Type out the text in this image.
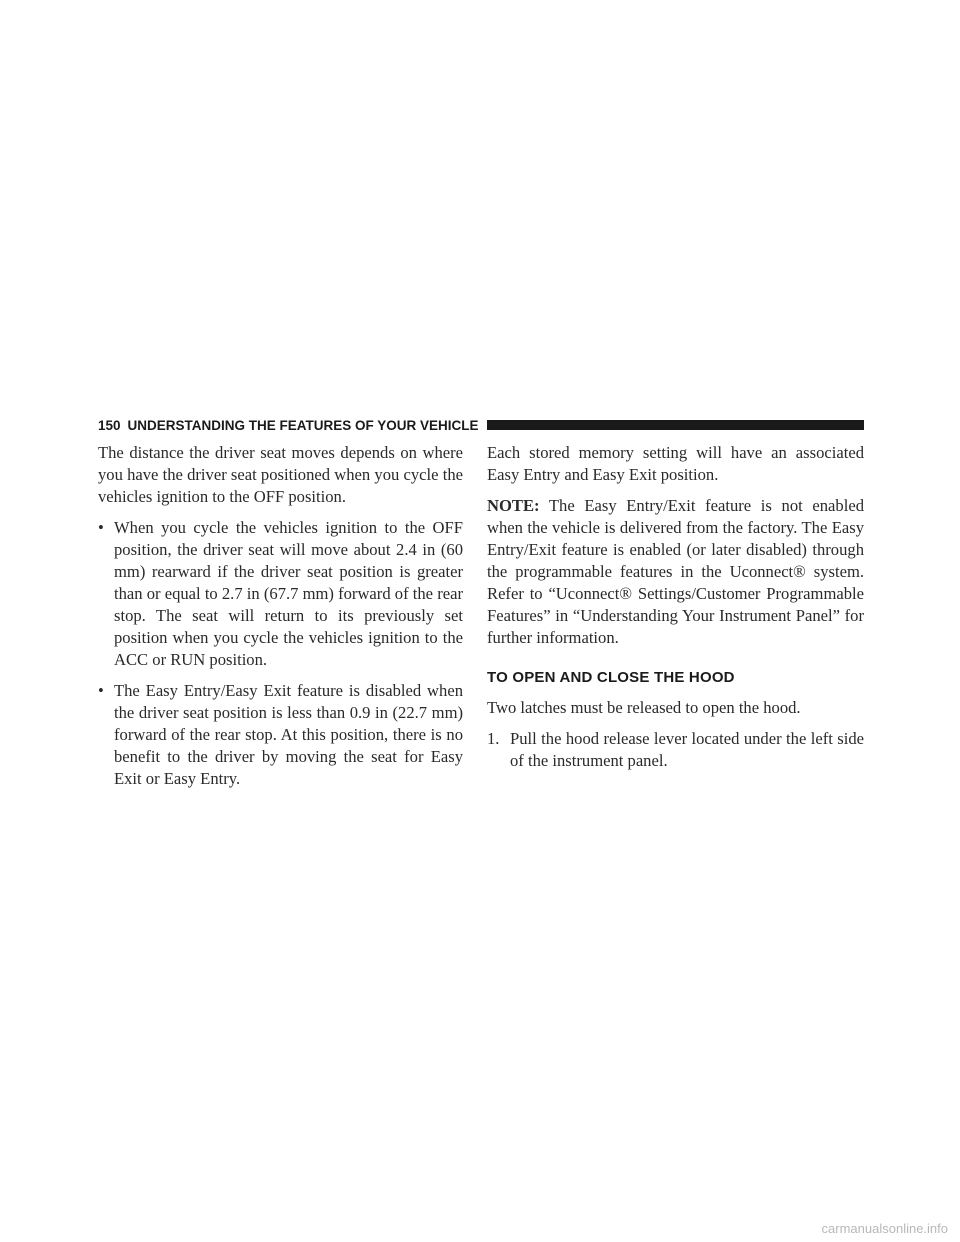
150 UNDERSTANDING THE FEATURES OF YOUR VEHICLE

The distance the driver seat moves depends on where you have the driver seat positioned when you cycle the vehicles ignition to the OFF position.

• When you cycle the vehicles ignition to the OFF position, the driver seat will move about 2.4 in (60 mm) rearward if the driver seat position is greater than or equal to 2.7 in (67.7 mm) forward of the rear stop. The seat will return to its previously set position when you cycle the vehicles ignition to the ACC or RUN position.
• The Easy Entry/Easy Exit feature is disabled when the driver seat position is less than 0.9 in (22.7 mm) forward of the rear stop. At this position, there is no benefit to the driver by moving the seat for Easy Exit or Easy Entry.

Each stored memory setting will have an associated Easy Entry and Easy Exit position.

NOTE: The Easy Entry/Exit feature is not enabled when the vehicle is delivered from the factory. The Easy Entry/Exit feature is enabled (or later disabled) through the programmable features in the Uconnect® system. Refer to “Uconnect® Settings/Customer Programmable Features” in “Understanding Your Instrument Panel” for further information.

TO OPEN AND CLOSE THE HOOD

Two latches must be released to open the hood.

1. Pull the hood release lever located under the left side of the instrument panel.
carmanualsonline.info
